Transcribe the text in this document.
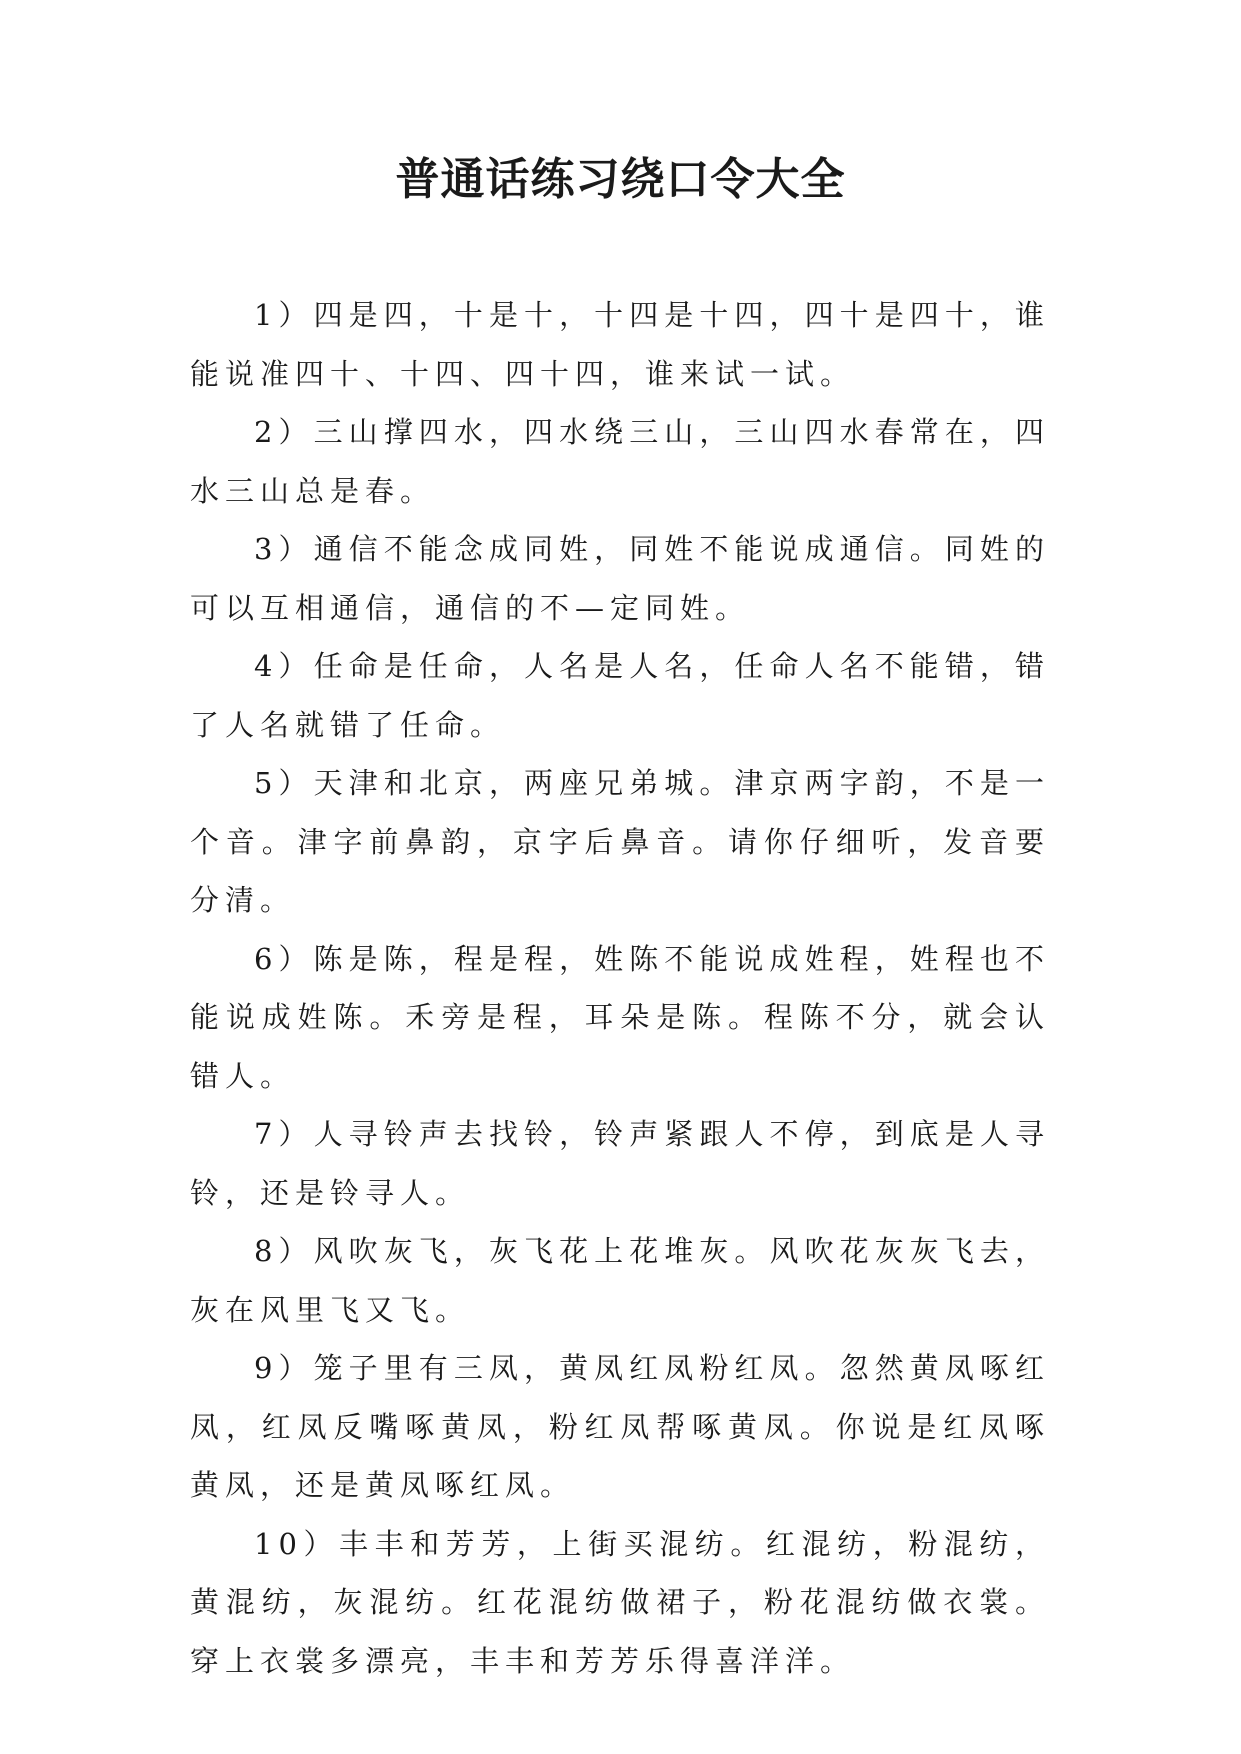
普通话练习绕口令大全

1）四是四，十是十，十四是十四，四十是四十，谁能说准四十、十四、四十四，谁来试一试。

2）三山撑四水，四水绕三山，三山四水春常在，四水三山总是春。

3）通信不能念成同姓，同姓不能说成通信。同姓的可以互相通信，通信的不—定同姓。

4）任命是任命，人名是人名，任命人名不能错，错了人名就错了任命。

5）天津和北京，两座兄弟城。津京两字韵，不是一个音。津字前鼻韵，京字后鼻音。请你仔细听，发音要分清。

6）陈是陈，程是程，姓陈不能说成姓程，姓程也不能说成姓陈。禾旁是程，耳朵是陈。程陈不分，就会认错人。

7）人寻铃声去找铃，铃声紧跟人不停，到底是人寻铃，还是铃寻人。

8）风吹灰飞，灰飞花上花堆灰。风吹花灰灰飞去，灰在风里飞又飞。

9）笼子里有三凤，黄凤红凤粉红凤。忽然黄凤啄红凤，红凤反嘴啄黄凤，粉红凤帮啄黄凤。你说是红凤啄黄凤，还是黄凤啄红凤。

10）丰丰和芳芳，上街买混纺。红混纺，粉混纺，黄混纺，灰混纺。红花混纺做裙子，粉花混纺做衣裳。穿上衣裳多漂亮，丰丰和芳芳乐得喜洋洋。
